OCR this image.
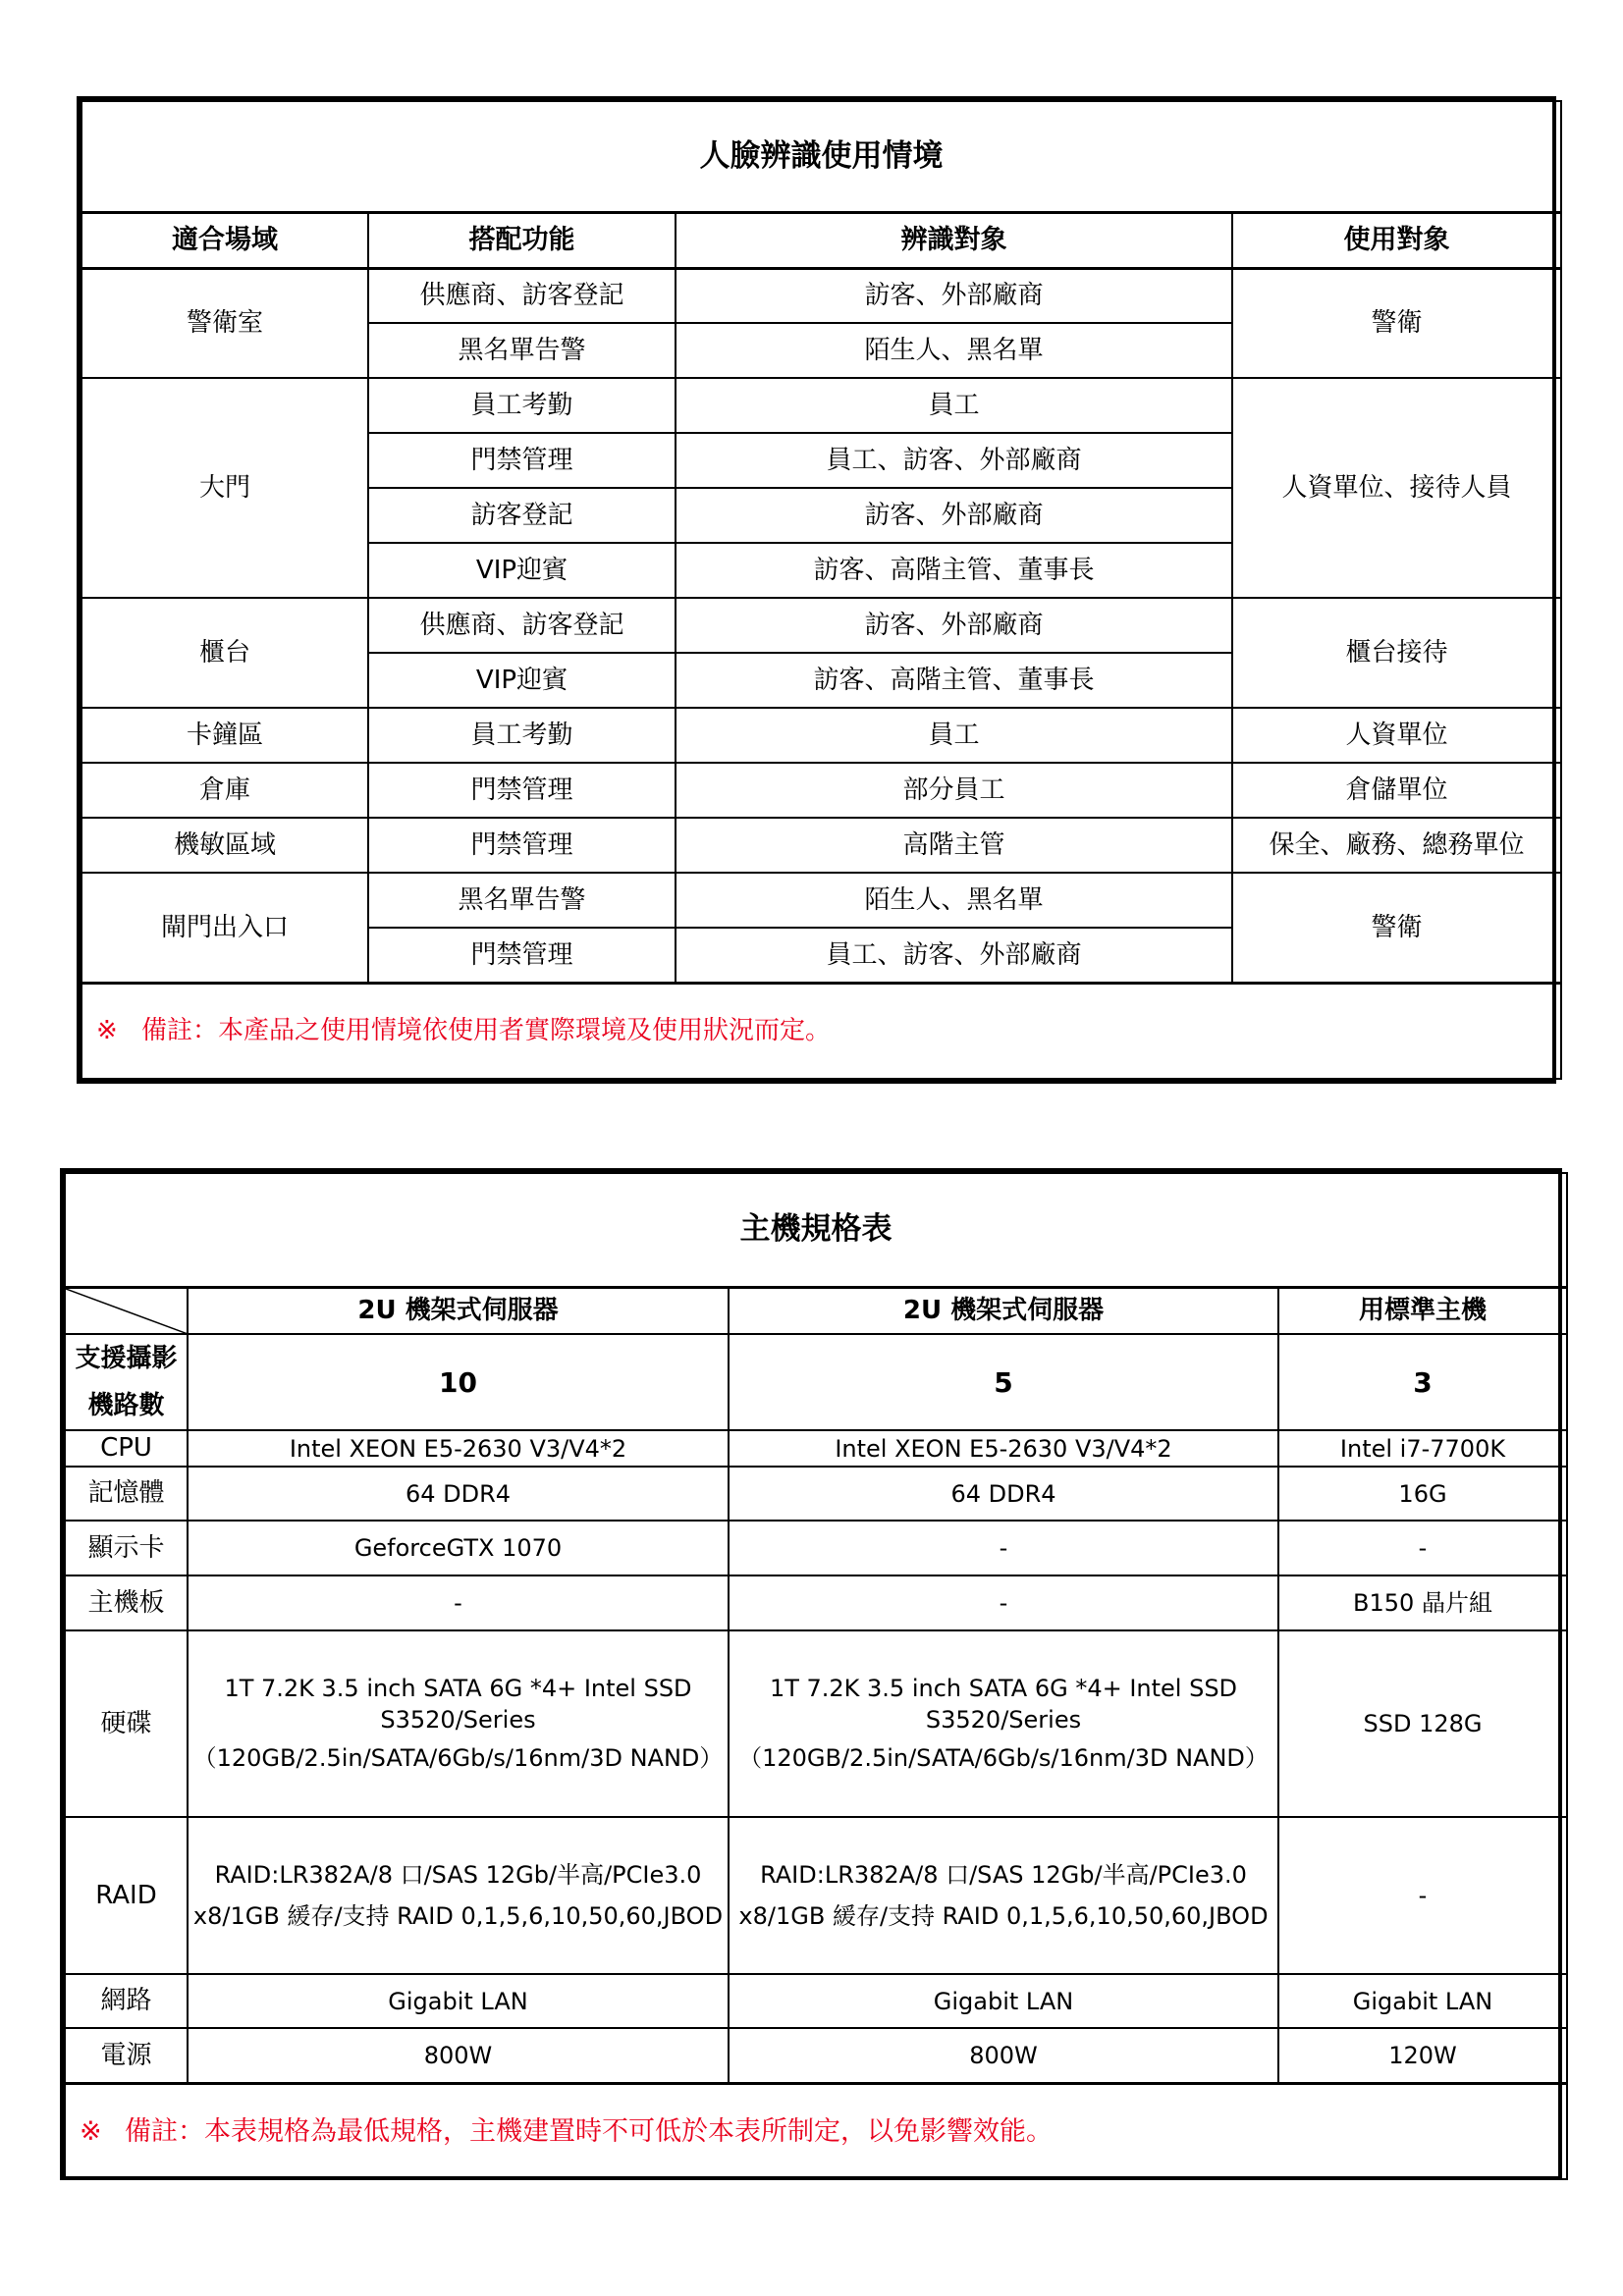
人臉辨識使用情境			
適合場域	搭配功能	辨識對象	使用對象
警衛室	供應商、訪客登記	訪客、外部廠商	警衛
	黑名單告警	陌生人、黑名單	
大門	員工考勤	員工	人資單位、接待人員
	門禁管理	員工、訪客、外部廠商	
	訪客登記	訪客、外部廠商	
	VIP迎賓	訪客、高階主管、董事長	
櫃台	供應商、訪客登記	訪客、外部廠商	櫃台接待
	VIP迎賓	訪客、高階主管、董事長	
卡鐘區	員工考勤	員工	人資單位
倉庫	門禁管理	部分員工	倉儲單位
機敏區域	門禁管理	高階主管	保全、廠務、總務單位
閘門出入口	黑名單告警	陌生人、黑名單	警衛
	門禁管理	員工、訪客、外部廠商	
※ 備註：本產品之使用情境依使用者實際環境及使用狀況而定。			
主機規格表			

	2U 機架式伺服器	2U 機架式伺服器	用標準主機
支援攝影
機路數	10	5	3
CPU	Intel XEON E5-2630 V3/V4*2	Intel XEON E5-2630 V3/V4*2	Intel i7-7700K
記憶體	64 DDR4	64 DDR4	16G
顯示卡	GeforceGTX 1070	-	-
主機板	-	-	B150 晶片組
硬碟	1T 7.2K 3.5 inch SATA 6G *4+ Intel SSD
S3520/Series
（120GB/2.5in/SATA/6Gb/s/16nm/3D NAND）	1T 7.2K 3.5 inch SATA 6G *4+ Intel SSD
S3520/Series
（120GB/2.5in/SATA/6Gb/s/16nm/3D NAND）	SSD 128G
RAID	RAID:LR382A/8 口/SAS 12Gb/半高/PCIe3.0
x8/1GB 緩存/支持 RAID 0,1,5,6,10,50,60,JBOD	RAID:LR382A/8 口/SAS 12Gb/半高/PCIe3.0
x8/1GB 緩存/支持 RAID 0,1,5,6,10,50,60,JBOD	-
網路	Gigabit LAN	Gigabit LAN	Gigabit LAN
電源	800W	800W	120W
※ 備註：本表規格為最低規格，主機建置時不可低於本表所制定，以免影響效能。			
